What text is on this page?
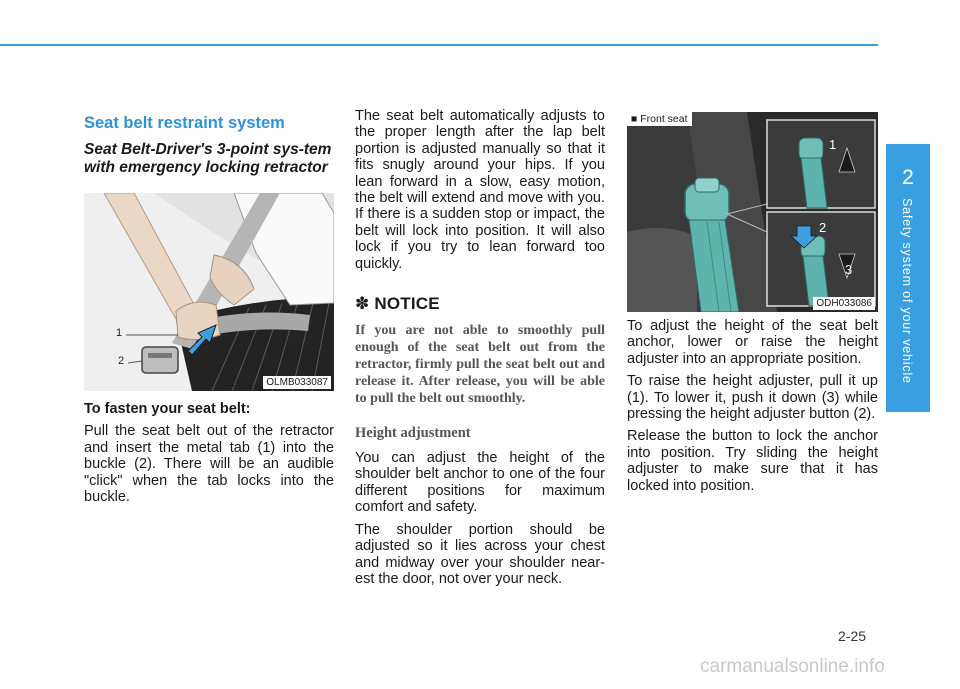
Seat belt restraint system
Seat Belt-Driver's 3-point sys-tem with emergency locking retractor
1
2
OLMB033087

To fasten your seat belt:

Pull the seat belt out of the retractor and insert the metal tab (1) into the buckle (2). There will be an audible "click" when the tab locks into the buckle.

The seat belt automatically adjusts to the proper length after the lap belt portion is adjusted manually so that it fits snugly around your hips. If you lean forward in a slow, easy motion, the belt will extend and move with you. If there is a sudden stop or impact, the belt will lock into position. It will also lock if you try to lean forward too quickly.

✽ NOTICE

If you are not able to smoothly pull enough of the seat belt out from the retractor, firmly pull the seat belt out and release it. After release, you will be able to pull the belt out smoothly.

Height adjustment

You can adjust the height of the shoulder belt anchor to one of the four different positions for maximum comfort and safety.

The shoulder portion should be adjusted so it lies across your chest and midway over your shoulder near-est the door, not over your neck.

■ Front seat
1
2
3
ODH033086

To adjust the height of the seat belt anchor, lower or raise the height adjuster into an appropriate position.

To raise the height adjuster, pull it up (1). To lower it, push it down (3) while pressing the height adjuster button (2).

Release the button to lock the anchor into position. Try sliding the height adjuster to make sure that it has locked into position.

2
Safety system of your vehicle
2-25
carmanualsonline.info
